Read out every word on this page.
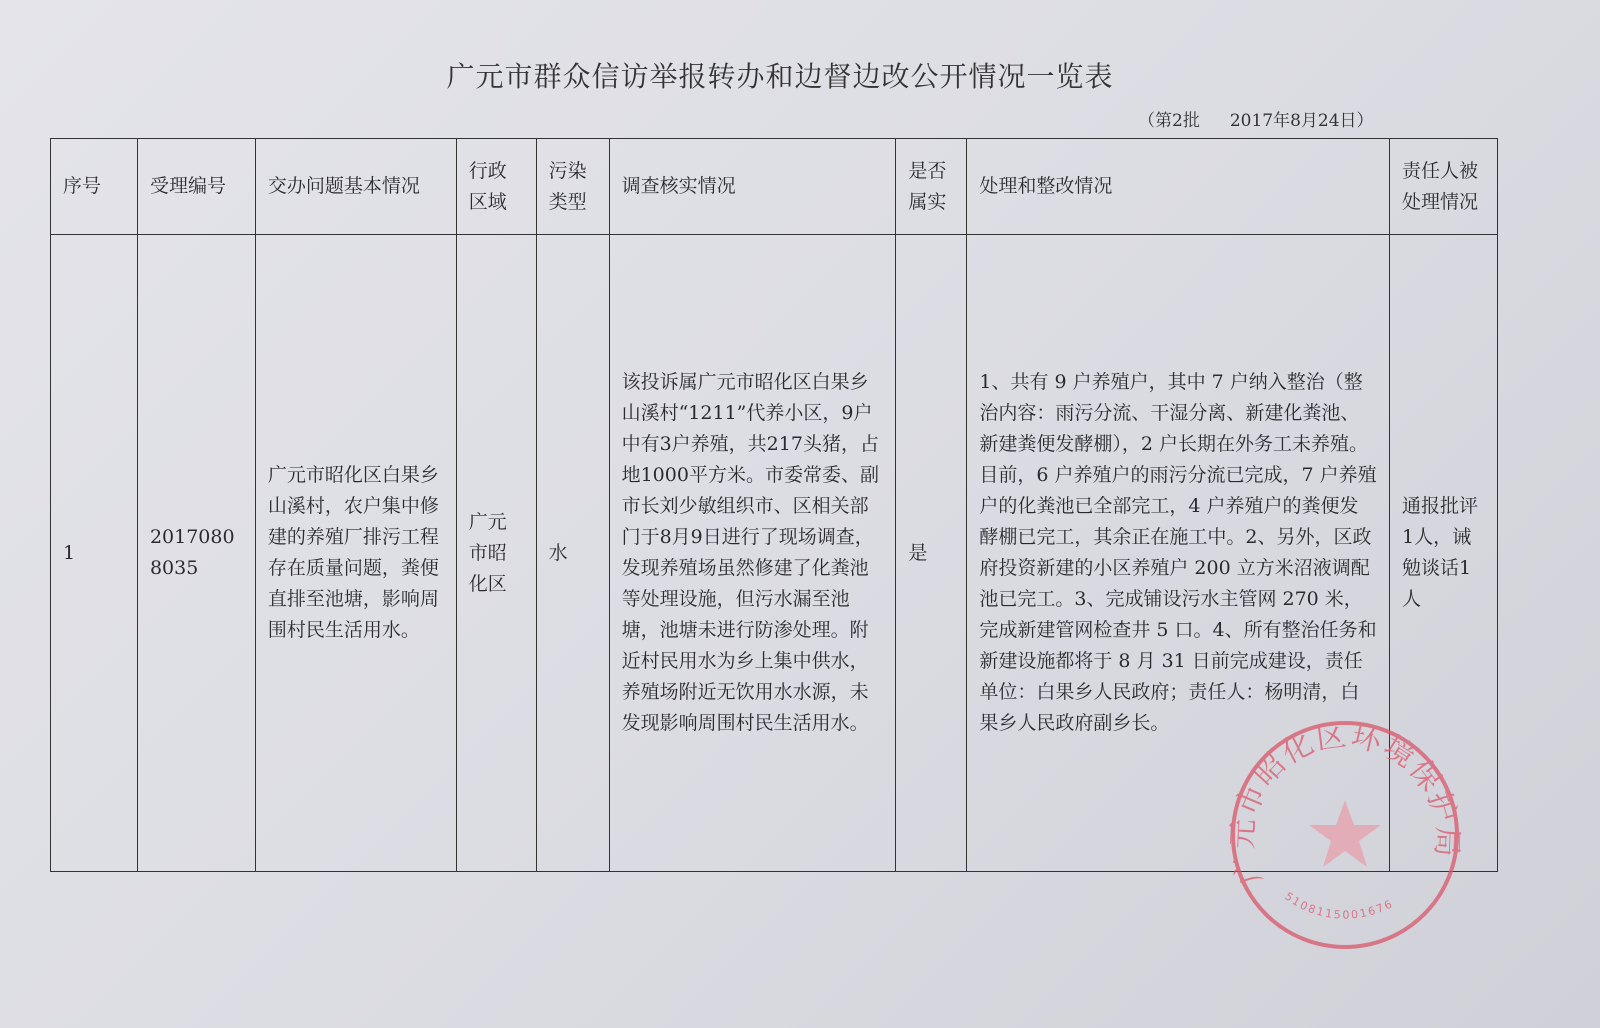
广元市群众信访举报转办和边督边改公开情况一览表
（第2批 2017年8月24日）
序号	受理编号	交办问题基本情况	行政区域	污染类型	调查核实情况	是否属实	处理和整改情况	责任人被处理情况
1	20170808035	广元市昭化区白果乡山溪村，农户集中修建的养殖厂排污工程存在质量问题，粪便直排至池塘，影响周围村民生活用水。	广元市昭化区	水	该投诉属广元市昭化区白果乡山溪村“1211”代养小区，9户中有3户养殖，共217头猪，占地1000平方米。市委常委、副市长刘少敏组织市、区相关部门于8月9日进行了现场调查，发现养殖场虽然修建了化粪池等处理设施，但污水漏至池塘，池塘未进行防渗处理。附近村民用水为乡上集中供水，养殖场附近无饮用水水源，未发现影响周围村民生活用水。	是	1、共有 9 户养殖户，其中 7 户纳入整治（整治内容：雨污分流、干湿分离、新建化粪池、新建粪便发酵棚），2 户长期在外务工未养殖。目前，6 户养殖户的雨污分流已完成，7 户养殖户的化粪池已全部完工，4 户养殖户的粪便发酵棚已完工，其余正在施工中。2、另外，区政府投资新建的小区养殖户 200 立方米沼液调配池已完工。3、完成铺设污水主管网 270 米，完成新建管网检查井 5 口。4、所有整治任务和新建设施都将于 8 月 31 日前完成建设，责任单位：白果乡人民政府；责任人：杨明清，白果乡人民政府副乡长。	通报批评1人，诫勉谈话1人
广元市昭化区环境保护局
5108115001676
